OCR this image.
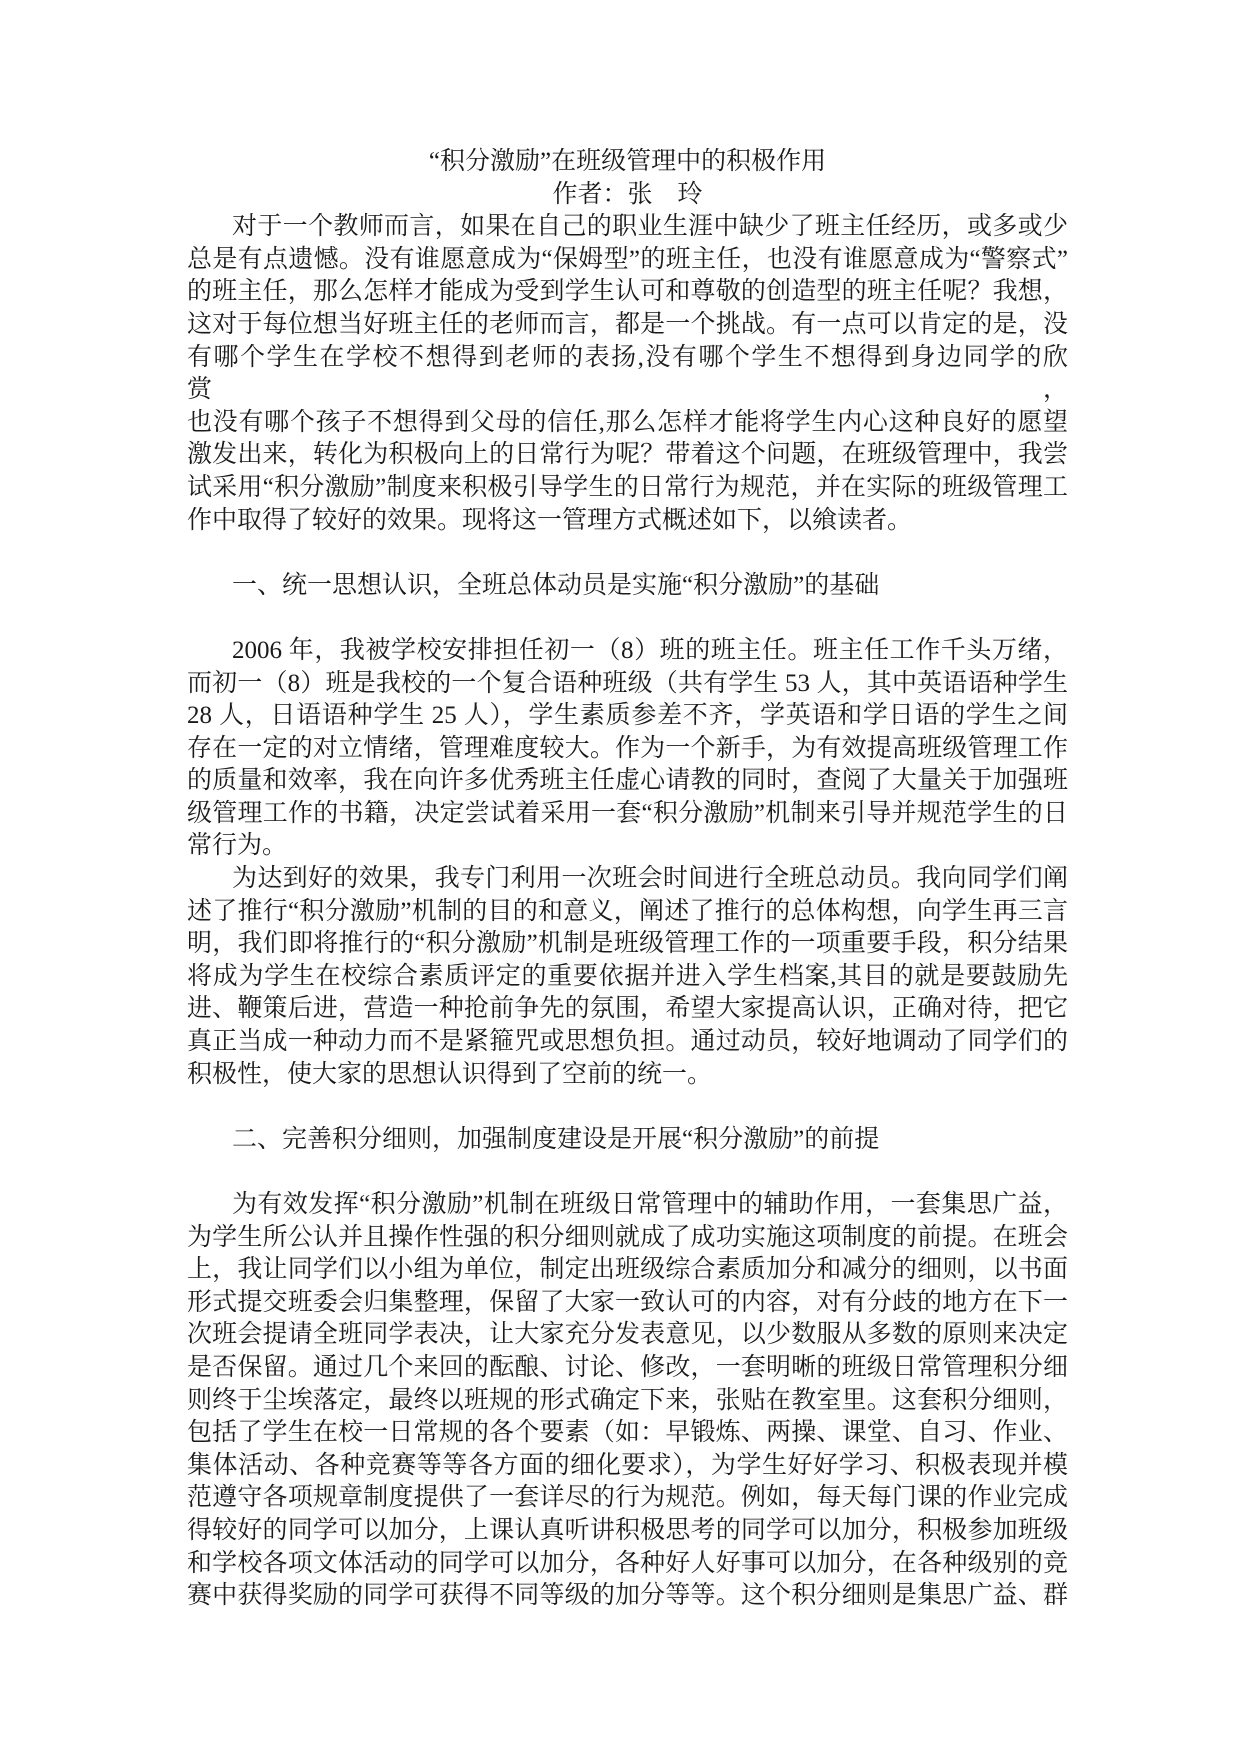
“积分激励”在班级管理中的积极作用
作者：张　玲
对于一个教师而言，如果在自己的职业生涯中缺少了班主任经历，或多或少
总是有点遗憾。没有谁愿意成为“保姆型”的班主任，也没有谁愿意成为“警察式”
的班主任，那么怎样才能成为受到学生认可和尊敬的创造型的班主任呢？我想，
这对于每位想当好班主任的老师而言，都是一个挑战。有一点可以肯定的是，没
有哪个学生在学校不想得到老师的表扬,没有哪个学生不想得到身边同学的欣赏，
也没有哪个孩子不想得到父母的信任,那么怎样才能将学生内心这种良好的愿望
激发出来，转化为积极向上的日常行为呢？带着这个问题，在班级管理中，我尝
试采用“积分激励”制度来积极引导学生的日常行为规范，并在实际的班级管理工
作中取得了较好的效果。现将这一管理方式概述如下，以飨读者。
一、统一思想认识，全班总体动员是实施“积分激励”的基础
2006 年，我被学校安排担任初一（8）班的班主任。班主任工作千头万绪，
而初一（8）班是我校的一个复合语种班级（共有学生 53 人，其中英语语种学生
28 人，日语语种学生 25 人），学生素质参差不齐，学英语和学日语的学生之间
存在一定的对立情绪，管理难度较大。作为一个新手，为有效提高班级管理工作
的质量和效率，我在向许多优秀班主任虚心请教的同时，查阅了大量关于加强班
级管理工作的书籍，决定尝试着采用一套“积分激励”机制来引导并规范学生的日
常行为。
为达到好的效果，我专门利用一次班会时间进行全班总动员。我向同学们阐
述了推行“积分激励”机制的目的和意义，阐述了推行的总体构想，向学生再三言
明，我们即将推行的“积分激励”机制是班级管理工作的一项重要手段，积分结果
将成为学生在校综合素质评定的重要依据并进入学生档案,其目的就是要鼓励先
进、鞭策后进，营造一种抢前争先的氛围，希望大家提高认识，正确对待，把它
真正当成一种动力而不是紧箍咒或思想负担。通过动员，较好地调动了同学们的
积极性，使大家的思想认识得到了空前的统一。
二、完善积分细则，加强制度建设是开展“积分激励”的前提
为有效发挥“积分激励”机制在班级日常管理中的辅助作用，一套集思广益，
为学生所公认并且操作性强的积分细则就成了成功实施这项制度的前提。在班会
上，我让同学们以小组为单位，制定出班级综合素质加分和减分的细则，以书面
形式提交班委会归集整理，保留了大家一致认可的内容，对有分歧的地方在下一
次班会提请全班同学表决，让大家充分发表意见，以少数服从多数的原则来决定
是否保留。通过几个来回的酝酿、讨论、修改，一套明晰的班级日常管理积分细
则终于尘埃落定，最终以班规的形式确定下来，张贴在教室里。这套积分细则，
包括了学生在校一日常规的各个要素（如：早锻炼、两操、课堂、自习、作业、
集体活动、各种竞赛等等各方面的细化要求），为学生好好学习、积极表现并模
范遵守各项规章制度提供了一套详尽的行为规范。例如，每天每门课的作业完成
得较好的同学可以加分，上课认真听讲积极思考的同学可以加分，积极参加班级
和学校各项文体活动的同学可以加分，各种好人好事可以加分，在各种级别的竞
赛中获得奖励的同学可获得不同等级的加分等等。这个积分细则是集思广益、群
